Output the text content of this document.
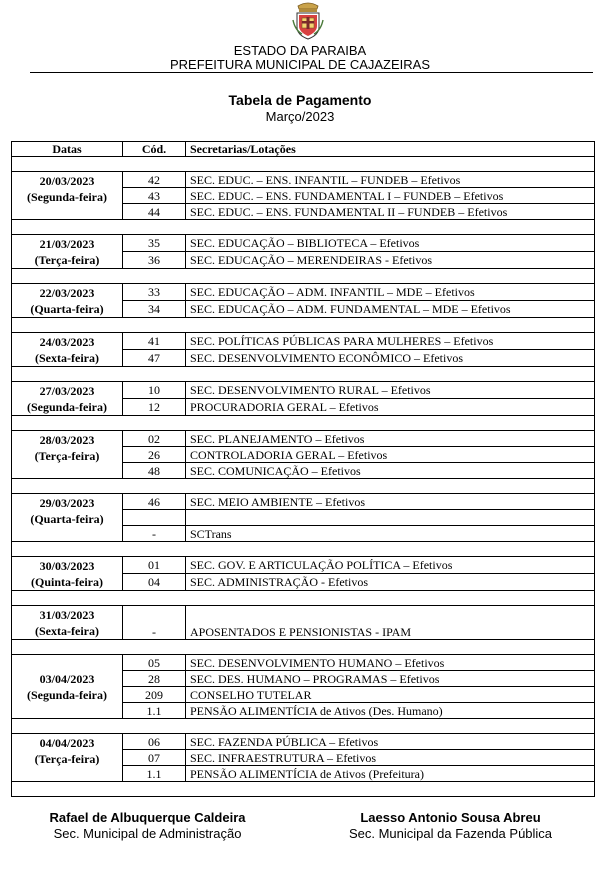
ESTADO DA PARAIBA
PREFEITURA MUNICIPAL DE CAJAZEIRAS
Tabela de Pagamento
Março/2023
Datas	Cód.	Secretarias/Lotações

20/03/2023
(Segunda-feira)	42	SEC. EDUC. – ENS. INFANTIL – FUNDEB – Efetivos
	43	SEC. EDUC. – ENS. FUNDAMENTAL I – FUNDEB – Efetivos
	44	SEC. EDUC. – ENS. FUNDAMENTAL II – FUNDEB – Efetivos

21/03/2023
(Terça-feira)	35	SEC. EDUCAÇÃO – BIBLIOTECA – Efetivos
	36	SEC. EDUCAÇÃO – MERENDEIRAS - Efetivos

22/03/2023
(Quarta-feira)	33	SEC. EDUCAÇÃO – ADM. INFANTIL – MDE – Efetivos
	34	SEC. EDUCAÇÃO – ADM. FUNDAMENTAL – MDE – Efetivos

24/03/2023
(Sexta-feira)	41	SEC. POLÍTICAS PÚBLICAS PARA MULHERES – Efetivos
	47	SEC. DESENVOLVIMENTO ECONÔMICO – Efetivos

27/03/2023
(Segunda-feira)	10	SEC. DESENVOLVIMENTO RURAL – Efetivos
	12	PROCURADORIA GERAL – Efetivos

28/03/2023
(Terça-feira)	02	SEC. PLANEJAMENTO – Efetivos
	26	CONTROLADORIA GERAL – Efetivos
	48	SEC. COMUNICAÇÃO – Efetivos

29/03/2023
(Quarta-feira)	46	SEC. MEIO AMBIENTE – Efetivos

	-	SCTrans

30/03/2023
(Quinta-feira)	01	SEC. GOV. E ARTICULAÇÃO POLÍTICA – Efetivos
	04	SEC. ADMINISTRAÇÃO - Efetivos

31/03/2023
(Sexta-feira)	-	APOSENTADOS E PENSIONISTAS - IPAM

03/04/2023
(Segunda-feira)	05	SEC. DESENVOLVIMENTO HUMANO – Efetivos
	28	SEC. DES. HUMANO – PROGRAMAS – Efetivos
	209	CONSELHO TUTELAR
	1.1	PENSÃO ALIMENTÍCIA de Ativos (Des. Humano)

04/04/2023
(Terça-feira)	06	SEC. FAZENDA PÚBLICA – Efetivos
	07	SEC. INFRAESTRUTURA – Efetivos
	1.1	PENSÃO ALIMENTÍCIA de Ativos (Prefeitura)

Rafael de Albuquerque Caldeira
Sec. Municipal de Administração
Laesso Antonio Sousa Abreu
Sec. Municipal da Fazenda Pública
